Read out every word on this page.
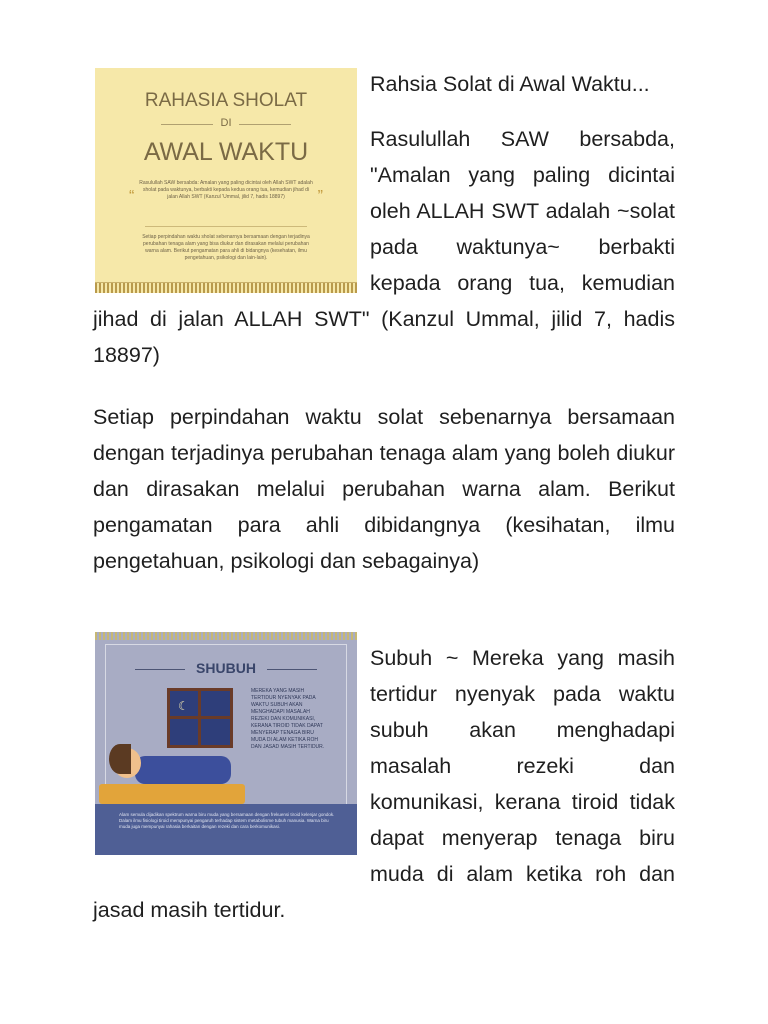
RAHASIA SHOLAT
DI
AWAL WAKTU
“	”
Rasulullah SAW bersabda: Amalan yang paling dicintai oleh Allah SWT adalah sholat pada waktunya, berbakti kepada kedua orang tua, kemudian jihad di jalan Allah SWT (Kanzul 'Ummal, jilid 7, hadis 18897)
Setiap perpindahan waktu sholat sebenarnya bersamaan dengan terjadinya perubahan tenaga alam yang bisa diukur dan dirasakan melalui perubahan warna alam. Berikut pengamatan para ahli di bidangnya (kesehatan, ilmu pengetahuan, psikologi dan lain-lain).

Rahsia Solat di Awal Waktu...

Rasulullah SAW bersabda, "Amalan yang paling dicintai oleh ALLAH SWT adalah ~solat pada waktunya~ berbakti kepada orang tua, kemudian jihad di jalan ALLAH SWT" (Kanzul Ummal, jilid 7, hadis 18897)

Setiap perpindahan waktu solat sebenarnya bersamaan dengan terjadinya perubahan tenaga alam yang boleh diukur dan dirasakan melalui perubahan warna alam. Berikut pengamatan para ahli dibidangnya (kesihatan, ilmu pengetahuan, psikologi dan sebagainya)

SHUBUH
☾
MEREKA YANG MASIH TERTIDUR NYENYAK PADA WAKTU SUBUH AKAN MENGHADAPI MASALAH REZEKI DAN KOMUNIKASI, KERANA TIROID TIDAK DAPAT MENYERAP TENAGA BIRU MUDA DI ALAM KETIKA ROH DAN JASAD MASIH TERTIDUR.
Alam semula dijadikan spektrum warna biru muda yang bersamaan dengan frekuensi tiroid kelenjar gondok. Dalam ilmu fisiologi tiroid mempunyai pengaruh terhadap sistem metabolisme tubuh manusia. Warna biru muda juga mempunyai rahasia berkaitan dengan rezeki dan cara berkomunikasi.

Subuh ~ Mereka yang masih tertidur nyenyak pada waktu subuh akan menghadapi masalah rezeki dan komunikasi, kerana tiroid tidak dapat menyerap tenaga biru muda di alam ketika roh dan jasad masih tertidur.
